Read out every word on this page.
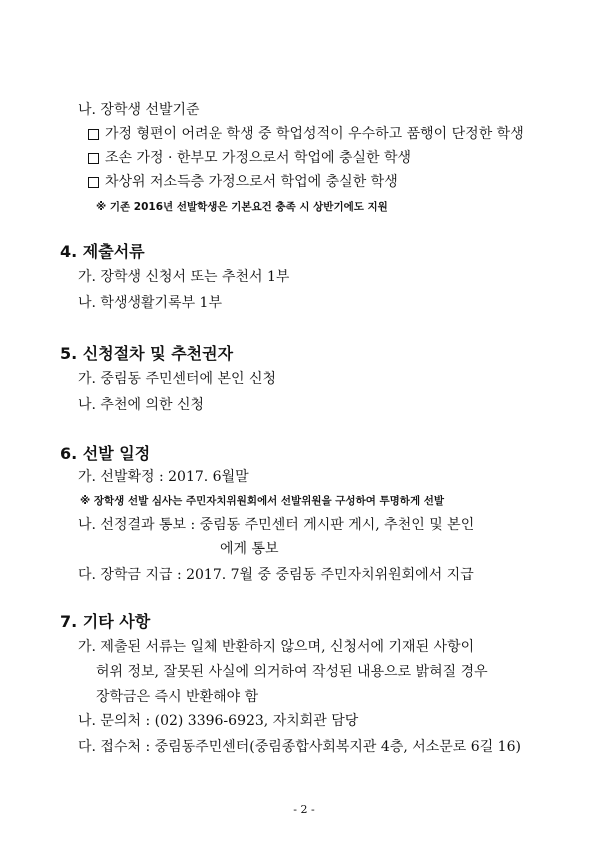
나. 장학생 선발기준
가정 형편이 어려운 학생 중 학업성적이 우수하고 품행이 단정한 학생
조손 가정 · 한부모 가정으로서 학업에 충실한 학생
차상위 저소득층 가정으로서 학업에 충실한 학생
※ 기존 2016년 선발학생은 기본요건 충족 시 상반기에도 지원
4. 제출서류
가. 장학생 신청서 또는 추천서 1부
나. 학생생활기록부 1부
5. 신청절차 및 추천권자
가. 중림동 주민센터에 본인 신청
나. 추천에 의한 신청
6. 선발 일정
가. 선발확정 : 2017. 6월말
※ 장학생 선발 심사는 주민자치위원회에서 선발위원을 구성하여 투명하게 선발
나. 선정결과 통보 : 중림동 주민센터 게시판 게시, 추천인 및 본인
에게 통보
다. 장학금 지급 : 2017. 7월 중 중림동 주민자치위원회에서 지급
7. 기타 사항
가. 제출된 서류는 일체 반환하지 않으며, 신청서에 기재된 사항이
허위 정보, 잘못된 사실에 의거하여 작성된 내용으로 밝혀질 경우
장학금은 즉시 반환해야 함
나. 문의처 : (02) 3396-6923, 자치회관 담당
다. 접수처 : 중림동주민센터(중림종합사회복지관 4층, 서소문로 6길 16)
- 2 -
